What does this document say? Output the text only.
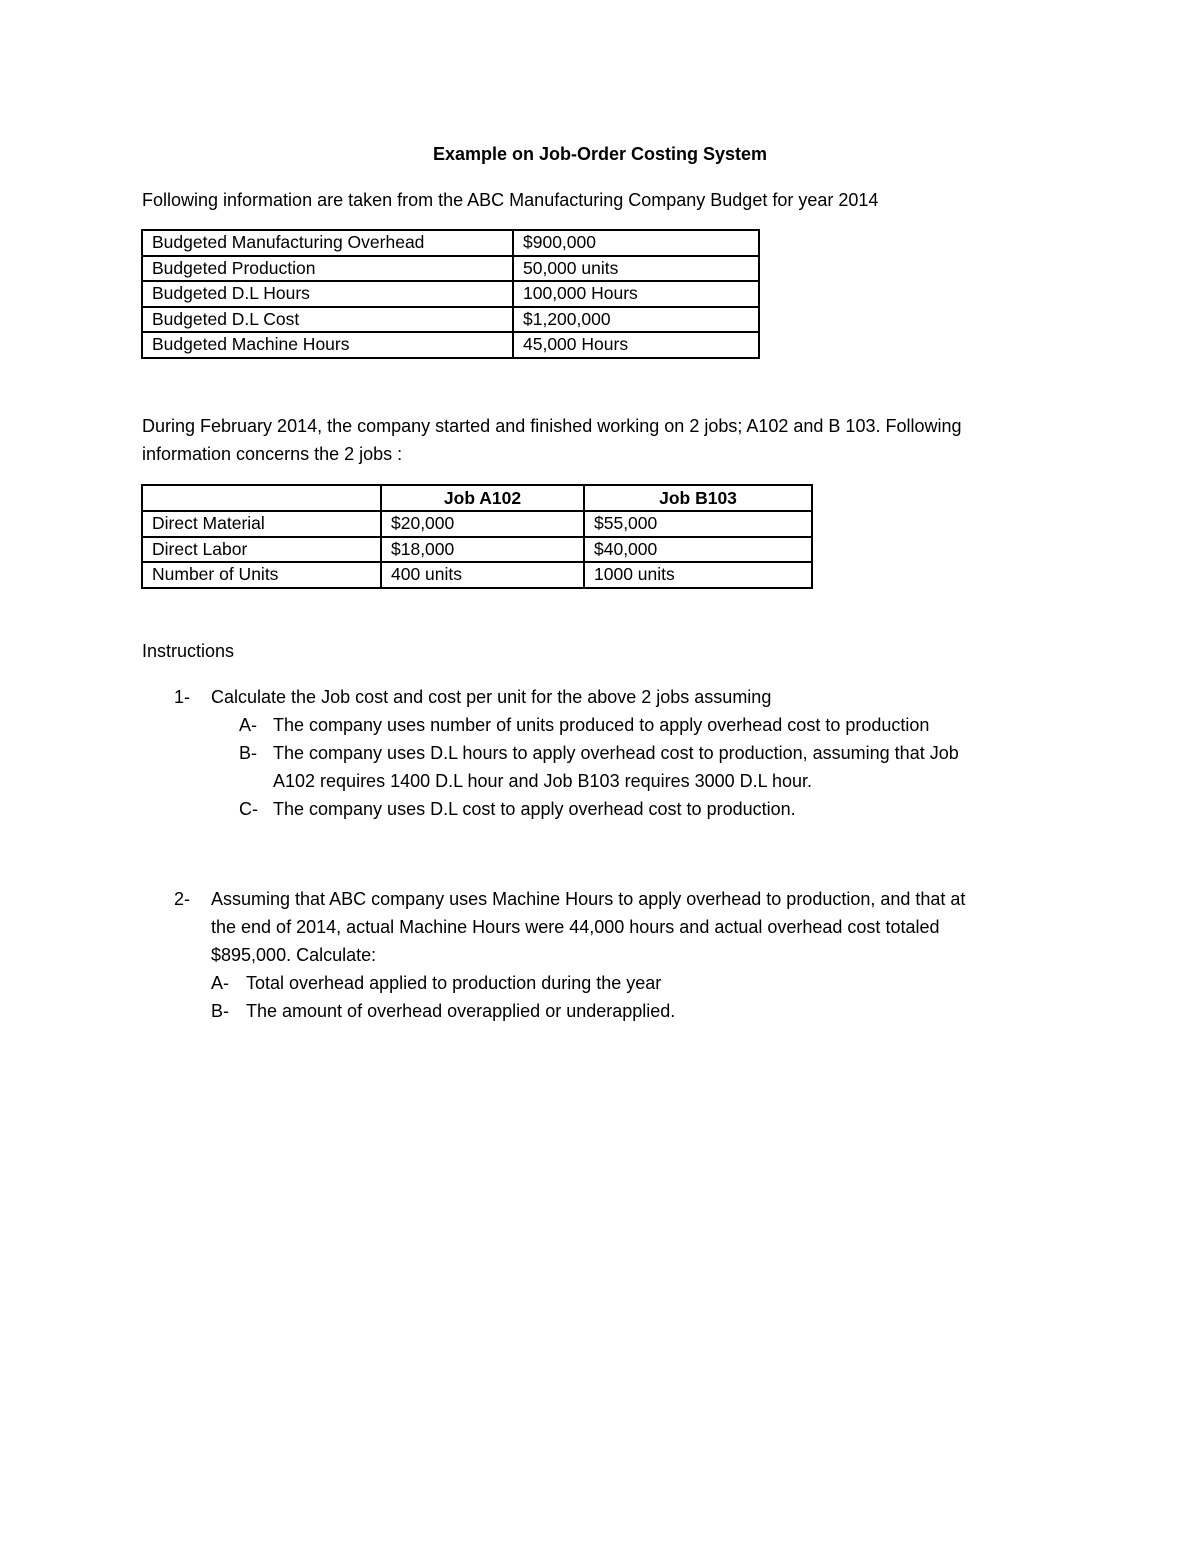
Example on Job-Order Costing System
Following information are taken from the ABC Manufacturing Company Budget for year 2014
Budgeted Manufacturing Overhead	$900,000
Budgeted Production	50,000 units
Budgeted D.L Hours	100,000 Hours
Budgeted D.L Cost	$1,200,000
Budgeted Machine Hours	45,000 Hours
During February 2014, the company started and finished working on 2 jobs; A102 and B 103. Following
information concerns the 2 jobs :
	Job A102	Job B103
Direct Material	$20,000	$55,000
Direct Labor	$18,000	$40,000
Number of Units	400 units	1000 units
Instructions
1- Calculate the Job cost and cost per unit for the above 2 jobs assuming
A- The company uses number of units produced to apply overhead cost to production
B- The company uses D.L hours to apply overhead cost to production, assuming that Job
A102 requires 1400 D.L hour and Job B103 requires 3000 D.L hour.
C- The company uses D.L cost to apply overhead cost to production.
2- Assuming that ABC company uses Machine Hours to apply overhead to production, and that at
the end of 2014, actual Machine Hours were 44,000 hours and actual overhead cost totaled
$895,000. Calculate:
A- Total overhead applied to production during the year
B- The amount of overhead overapplied or underapplied.
